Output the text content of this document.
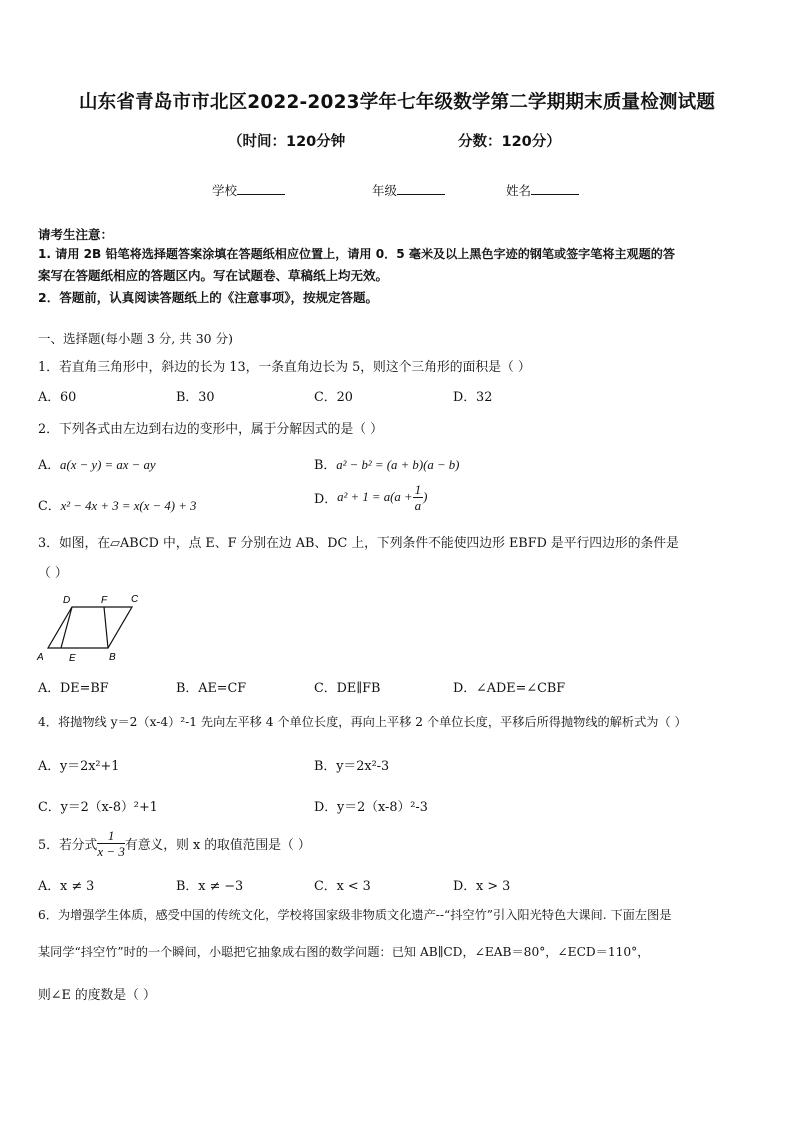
山东省青岛市市北区2022-2023学年七年级数学第二学期期末质量检测试题
（时间：120分钟	分数：120分）
学校	年级	姓名
请考生注意：
1. 请用 2B 铅笔将选择题答案涂填在答题纸相应位置上，请用 0．5 毫米及以上黑色字迹的钢笔或签字笔将主观题的答
案写在答题纸相应的答题区内。写在试题卷、草稿纸上均无效。
2．答题前，认真阅读答题纸上的《注意事项》，按规定答题。
一、选择题(每小题 3 分, 共 30 分)
1．若直角三角形中，斜边的长为 13，一条直角边长为 5，则这个三角形的面积是（ ）
A．60	B．30	C．20	D．32
2．下列各式由左边到右边的变形中，属于分解因式的是（ ）
A．a(x − y) = ax − ay	B．a² − b² = (a + b)(a − b)
C．x² − 4x + 3 = x(x − 4) + 3	D．$a^2 + 1 = a(a + \frac{1}{a}$ )
3．如图，在▱ABCD 中，点 E、F 分别在边 AB、DC 上，下列条件不能使四边形 EBFD 是平行四边形的条件是
（ ）
D	F C
A	E	B
A．DE=BF	B．AE=CF	C．DE∥FB	D．∠ADE=∠CBF
4．将抛物线 y＝2（x-4）²-1 先向左平移 4 个单位长度，再向上平移 2 个单位长度，平移后所得抛物线的解析式为（ ）
A．y＝2x²+1	B．y＝2x²-3
C．y＝2（x-8）²+1	D．y＝2（x-8）²-3
5．若分式 $\frac{1}{x - 3}$ 有意义，则 x 的取值范围是（ ）
A．x ≠ 3	B．x ≠ −3	C．x < 3	D．x > 3
6．为增强学生体质，感受中国的传统文化，学校将国家级非物质文化遗产--“抖空竹”引入阳光特色大课间. 下面左图是
某同学“抖空竹”时的一个瞬间，小聪把它抽象成右图的数学问题：已知 AB∥CD，∠EAB＝80°，∠ECD＝110°，
则∠E 的度数是（ ）
